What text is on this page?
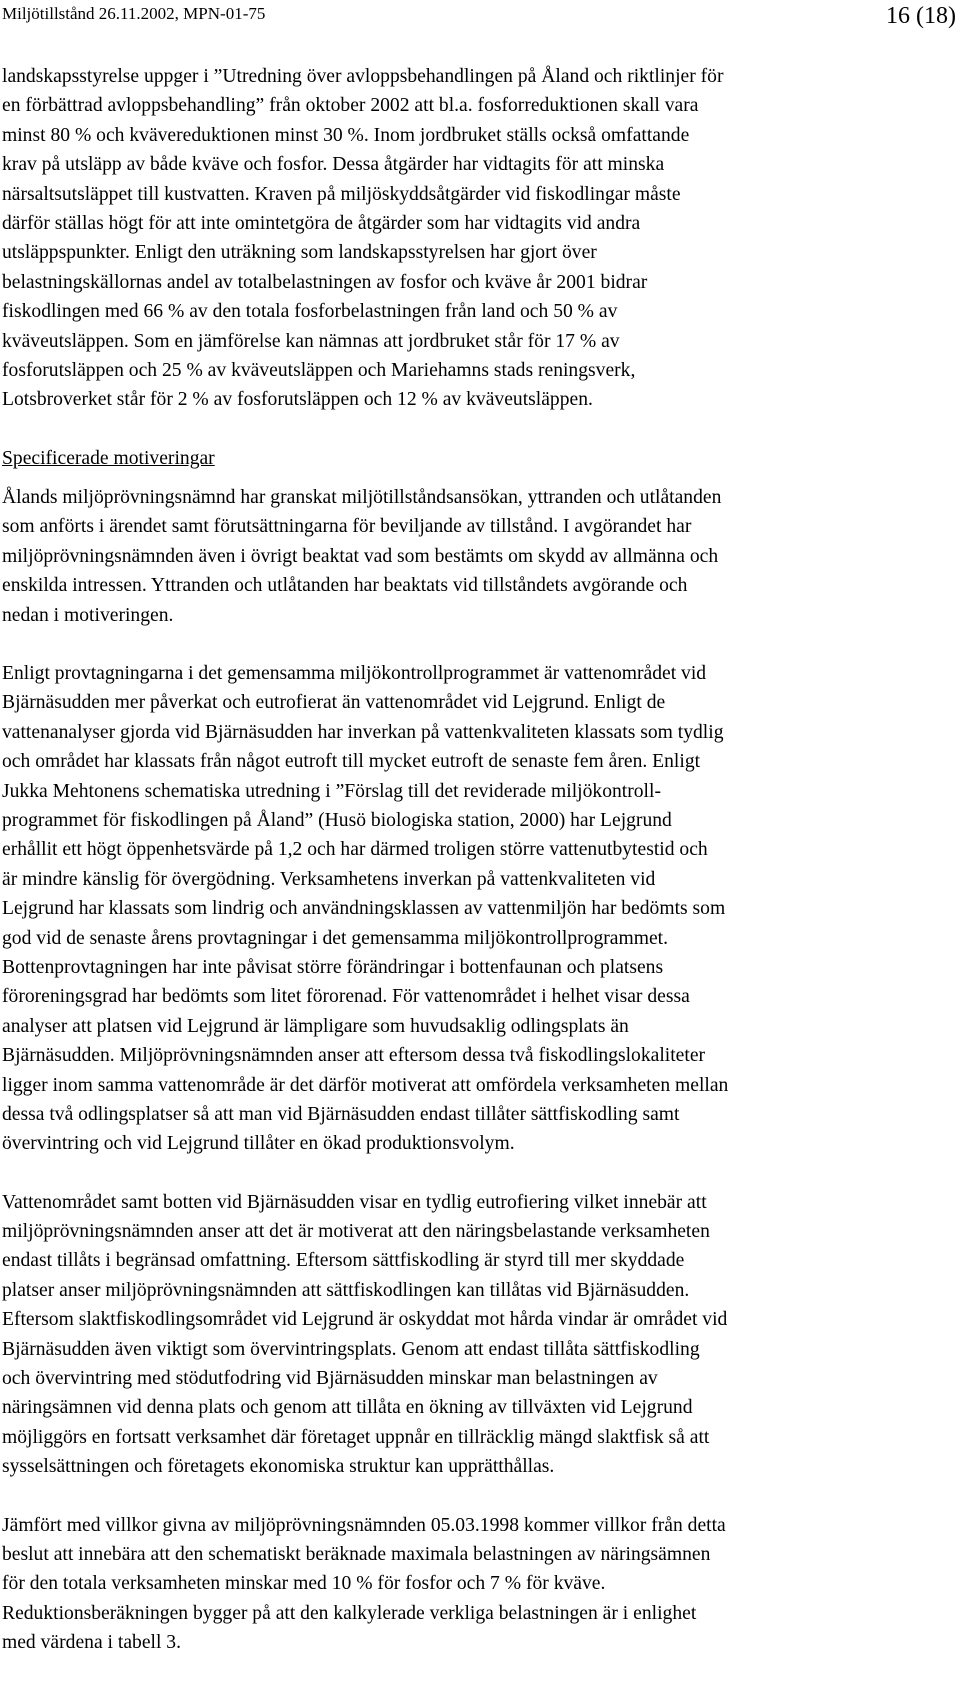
Miljötillstånd 26.11.2002, MPN-01-75	16 (18)
landskapsstyrelse uppger i ”Utredning över avloppsbehandlingen på Åland och riktlinjer för
en förbättrad avloppsbehandling” från oktober 2002 att bl.a. fosforreduktionen skall vara
minst 80 % och kvävereduktionen minst 30 %. Inom jordbruket ställs också omfattande
krav på utsläpp av både kväve och fosfor. Dessa åtgärder har vidtagits för att minska
närsaltsutsläppet till kustvatten. Kraven på miljöskyddsåtgärder vid fiskodlingar måste
därför ställas högt för att inte omintetgöra de åtgärder som har vidtagits vid andra
utsläppspunkter. Enligt den uträkning som landskapsstyrelsen har gjort över
belastningskällornas andel av totalbelastningen av fosfor och kväve år 2001 bidrar
fiskodlingen med 66 % av den totala fosforbelastningen från land och 50 % av
kväveutsläppen. Som en jämförelse kan nämnas att jordbruket står för 17 % av
fosforutsläppen och 25 % av kväveutsläppen och Mariehamns stads reningsverk,
Lotsbroverket står för 2 % av fosforutsläppen och 12 % av kväveutsläppen.
Specificerade motiveringar
Ålands miljöprövningsnämnd har granskat miljötillståndsansökan, yttranden och utlåtanden
som anförts i ärendet samt förutsättningarna för beviljande av tillstånd. I avgörandet har
miljöprövningsnämnden även i övrigt beaktat vad som bestämts om skydd av allmänna och
enskilda intressen. Yttranden och utlåtanden har beaktats vid tillståndets avgörande och
nedan i motiveringen.
Enligt provtagningarna i det gemensamma miljökontrollprogrammet är vattenområdet vid
Bjärnäsudden mer påverkat och eutrofierat än vattenområdet vid Lejgrund. Enligt de
vattenanalyser gjorda vid Bjärnäsudden har inverkan på vattenkvaliteten klassats som tydlig
och området har klassats från något eutroft till mycket eutroft de senaste fem åren. Enligt
Jukka Mehtonens schematiska utredning i ”Förslag till det reviderade miljökontroll-
programmet för fiskodlingen på Åland” (Husö biologiska station, 2000) har Lejgrund
erhållit ett högt öppenhetsvärde på 1,2 och har därmed troligen större vattenutbytestid och
är mindre känslig för övergödning. Verksamhetens inverkan på vattenkvaliteten vid
Lejgrund har klassats som lindrig och användningsklassen av vattenmiljön har bedömts som
god vid de senaste årens provtagningar i det gemensamma miljökontrollprogrammet.
Bottenprovtagningen har inte påvisat större förändringar i bottenfaunan och platsens
föroreningsgrad har bedömts som litet förorenad. För vattenområdet i helhet visar dessa
analyser att platsen vid Lejgrund är lämpligare som huvudsaklig odlingsplats än
Bjärnäsudden. Miljöprövningsnämnden anser att eftersom dessa två fiskodlingslokaliteter
ligger inom samma vattenområde är det därför motiverat att omfördela verksamheten mellan
dessa två odlingsplatser så att man vid Bjärnäsudden endast tillåter sättfiskodling samt
övervintring och vid Lejgrund tillåter en ökad produktionsvolym.
Vattenområdet samt botten vid Bjärnäsudden visar en tydlig eutrofiering vilket innebär att
miljöprövningsnämnden anser att det är motiverat att den näringsbelastande verksamheten
endast tillåts i begränsad omfattning. Eftersom sättfiskodling är styrd till mer skyddade
platser anser miljöprövningsnämnden att sättfiskodlingen kan tillåtas vid Bjärnäsudden.
Eftersom slaktfiskodlingsområdet vid Lejgrund är oskyddat mot hårda vindar är området vid
Bjärnäsudden även viktigt som övervintringsplats. Genom att endast tillåta sättfiskodling
och övervintring med stödutfodring vid Bjärnäsudden minskar man belastningen av
näringsämnen vid denna plats och genom att tillåta en ökning av tillväxten vid Lejgrund
möjliggörs en fortsatt verksamhet där företaget uppnår en tillräcklig mängd slaktfisk så att
sysselsättningen och företagets ekonomiska struktur kan upprätthållas.
Jämfört med villkor givna av miljöprövningsnämnden 05.03.1998 kommer villkor från detta
beslut att innebära att den schematiskt beräknade maximala belastningen av näringsämnen
för den totala verksamheten minskar med 10 % för fosfor och 7 % för kväve.
Reduktionsberäkningen bygger på att den kalkylerade verkliga belastningen är i enlighet
med värdena i tabell 3.
